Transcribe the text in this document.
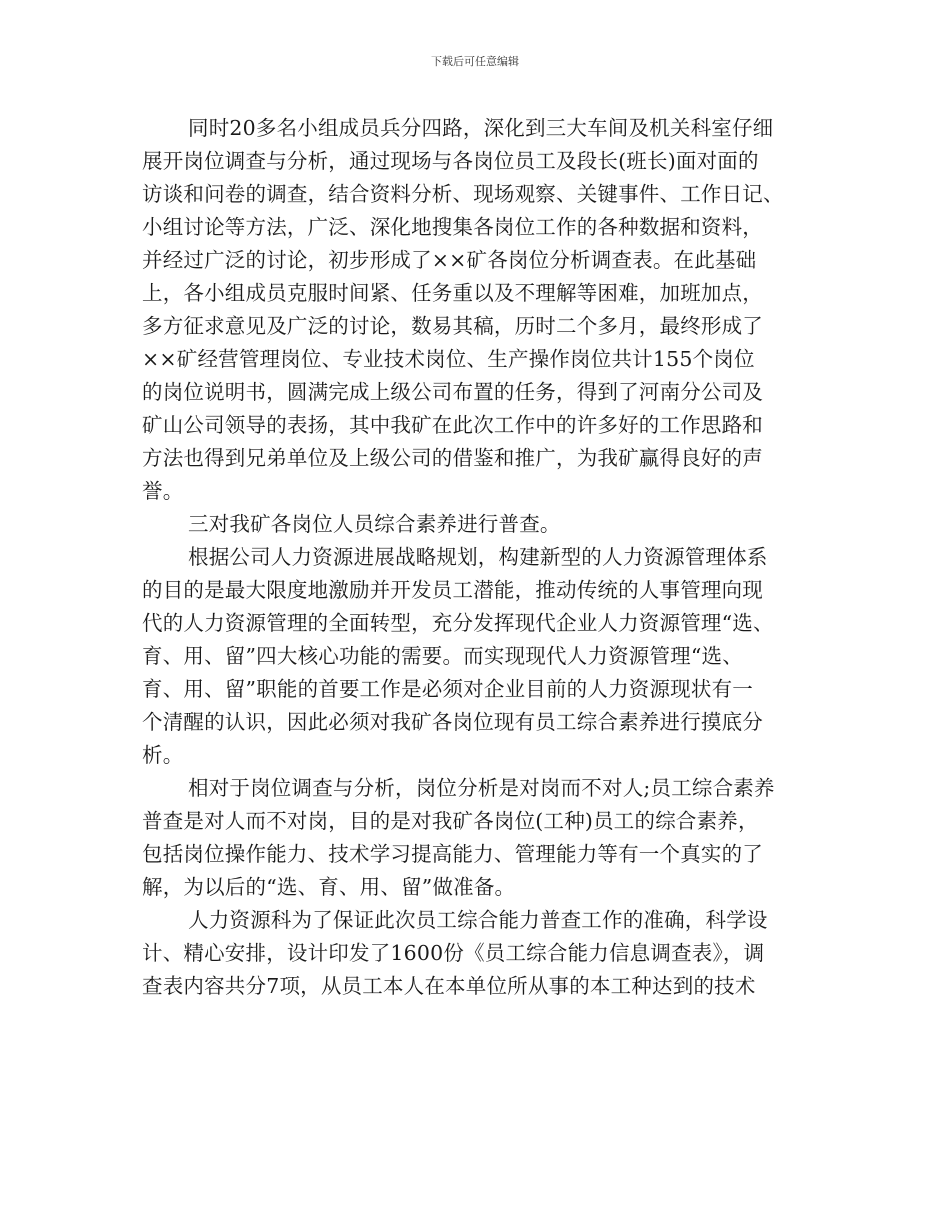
下载后可任意编辑
同时20多名小组成员兵分四路，深化到三大车间及机关科室仔细
展开岗位调查与分析，通过现场与各岗位员工及段长(班长)面对面的
访谈和问卷的调查，结合资料分析、现场观察、关键事件、工作日记、
小组讨论等方法，广泛、深化地搜集各岗位工作的各种数据和资料，
并经过广泛的讨论，初步形成了××矿各岗位分析调查表。在此基础
上，各小组成员克服时间紧、任务重以及不理解等困难，加班加点，
多方征求意见及广泛的讨论，数易其稿，历时二个多月，最终形成了
××矿经营管理岗位、专业技术岗位、生产操作岗位共计155个岗位
的岗位说明书，圆满完成上级公司布置的任务，得到了河南分公司及
矿山公司领导的表扬，其中我矿在此次工作中的许多好的工作思路和
方法也得到兄弟单位及上级公司的借鉴和推广，为我矿赢得良好的声
誉。
三对我矿各岗位人员综合素养进行普查。
根据公司人力资源进展战略规划，构建新型的人力资源管理体系
的目的是最大限度地激励并开发员工潜能，推动传统的人事管理向现
代的人力资源管理的全面转型，充分发挥现代企业人力资源管理“选、
育、用、留”四大核心功能的需要。而实现现代人力资源管理“选、
育、用、留”职能的首要工作是必须对企业目前的人力资源现状有一
个清醒的认识，因此必须对我矿各岗位现有员工综合素养进行摸底分
析。
相对于岗位调查与分析，岗位分析是对岗而不对人;员工综合素养
普查是对人而不对岗，目的是对我矿各岗位(工种)员工的综合素养，
包括岗位操作能力、技术学习提高能力、管理能力等有一个真实的了
解，为以后的“选、育、用、留”做准备。
人力资源科为了保证此次员工综合能力普查工作的准确，科学设
计、精心安排，设计印发了1600份《员工综合能力信息调查表》，调
查表内容共分7项，从员工本人在本单位所从事的本工种达到的技术
